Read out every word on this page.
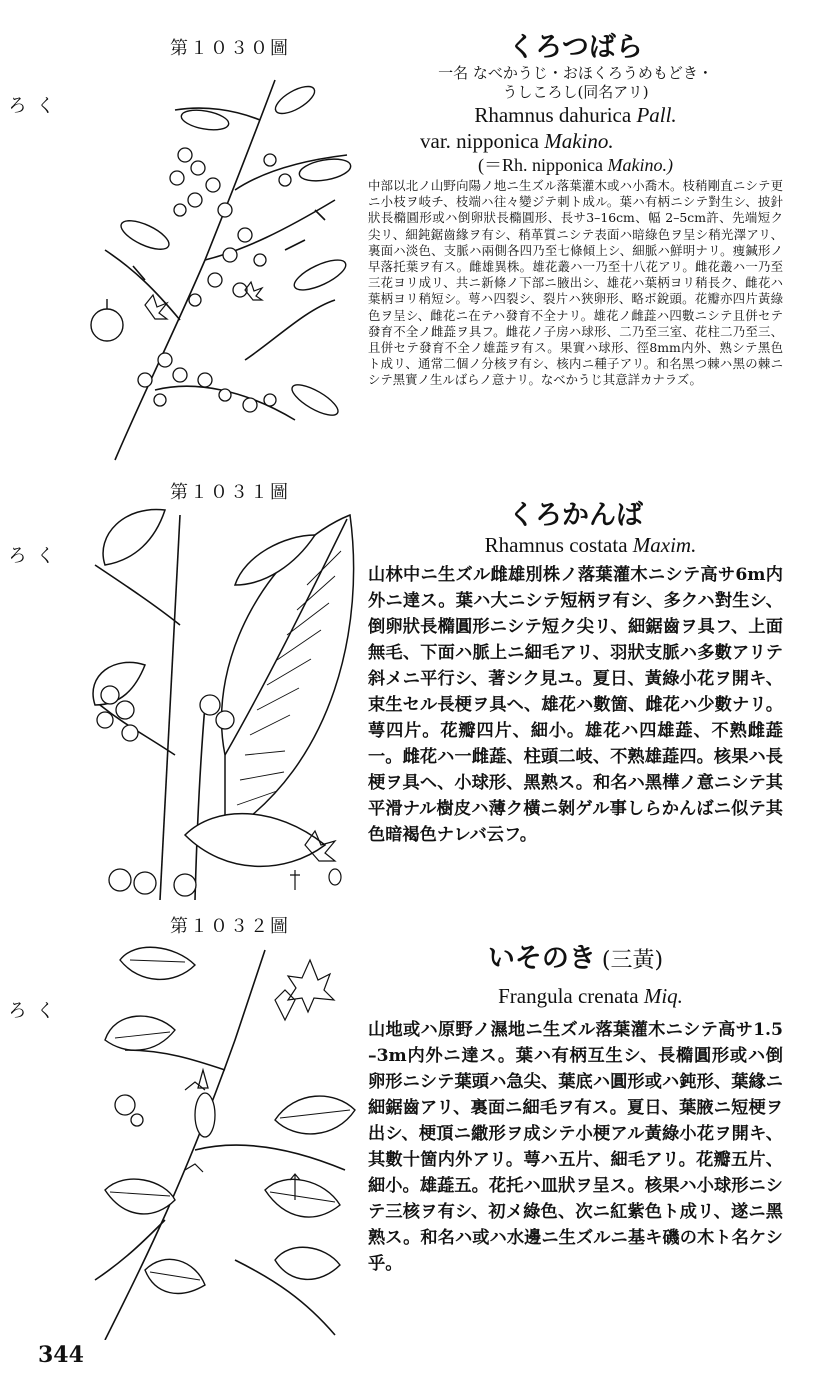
第１０３０圖
くろ
くろつばら
一名 なべかうじ・おほくろうめもどき・
うしころし(同名アリ)
Rhamnus dahurica Pall.
var. nipponica Makino.
(＝Rh. nipponica Makino.)
中部以北ノ山野向陽ノ地ニ生ズル落葉灌木或ハ小喬木。枝稍剛直ニシテ更ニ小枝ヲ岐チ、枝端ハ往々變ジテ刺ト成ル。葉ハ有柄ニシテ對生シ、披針狀長橢圓形或ハ倒卵狀長橢圓形、長サ3–16cm、幅 2–5cm許、先端短ク尖リ、細鈍鋸齒緣ヲ有シ、稍革質ニシテ表面ハ暗綠色ヲ呈シ稍光澤アリ、裏面ハ淡色、支脈ハ兩側各四乃至七條傾上シ、細脈ハ鮮明ナリ。痩鍼形ノ早落托葉ヲ有ス。雌雄異株。雄花叢ハ一乃至十八花アリ。雌花叢ハ一乃至三花ヨリ成リ、共ニ新條ノ下部ニ腋出シ、雄花ハ葉柄ヨリ稍長ク、雌花ハ葉柄ヨリ稍短シ。萼ハ四裂シ、裂片ハ狹卵形、略ボ銳頭。花瓣亦四片黃綠色ヲ呈シ、雌花ニ在テハ發育不全ナリ。雄花ノ雌蕋ハ四數ニシテ且併セテ發育不全ノ雌蕋ヲ具フ。雌花ノ子房ハ球形、二乃至三室、花柱二乃至三、且併セテ發育不全ノ雄蕋ヲ有ス。果實ハ球形、徑8mm内外、熟シテ黑色ト成リ、通常二個ノ分核ヲ有シ、核内ニ種子アリ。和名黑つ棘ハ黑の棘ニシテ黑實ノ生ルばらノ意ナリ。なべかうじ其意詳カナラズ。
第１０３１圖
くろ
くろかんば
Rhamnus costata Maxim.
山林中ニ生ズル雌雄別株ノ落葉灌木ニシテ高サ6m内外ニ達ス。葉ハ大ニシテ短柄ヲ有シ、多クハ對生シ、倒卵狀長橢圓形ニシテ短ク尖リ、細鋸齒ヲ具フ、上面無毛、下面ハ脈上ニ細毛アリ、羽狀支脈ハ多數アリテ斜メニ平行シ、著シク見ユ。夏日、黃綠小花ヲ開キ、束生セル長梗ヲ具ヘ、雄花ハ數箇、雌花ハ少數ナリ。萼四片。花瓣四片、細小。雄花ハ四雄蕋、不熟雌蕋一。雌花ハ一雌蕋、柱頭二岐、不熟雄蕋四。核果ハ長梗ヲ具ヘ、小球形、黑熟ス。和名ハ黑樺ノ意ニシテ其平滑ナル樹皮ハ薄ク橫ニ剝ゲル事しらかんばニ似テ其色暗褐色ナレバ云フ。
第１０３２圖
くろ
いそのき (三黃)
Frangula crenata Miq.
山地或ハ原野ノ濕地ニ生ズル落葉灌木ニシテ高サ1.5–3m内外ニ達ス。葉ハ有柄互生シ、長橢圓形或ハ倒卵形ニシテ葉頭ハ急尖、葉底ハ圓形或ハ鈍形、葉緣ニ細鋸齒アリ、裏面ニ細毛ヲ有ス。夏日、葉腋ニ短梗ヲ出シ、梗頂ニ繖形ヲ成シテ小梗アル黃綠小花ヲ開キ、其數十箇内外アリ。萼ハ五片、細毛アリ。花瓣五片、細小。雄蕋五。花托ハ皿狀ヲ呈ス。核果ハ小球形ニシテ三核ヲ有シ、初メ綠色、次ニ紅紫色ト成リ、遂ニ黑熟ス。和名ハ或ハ水邊ニ生ズルニ基キ磯の木ト名ケシ乎。
344
